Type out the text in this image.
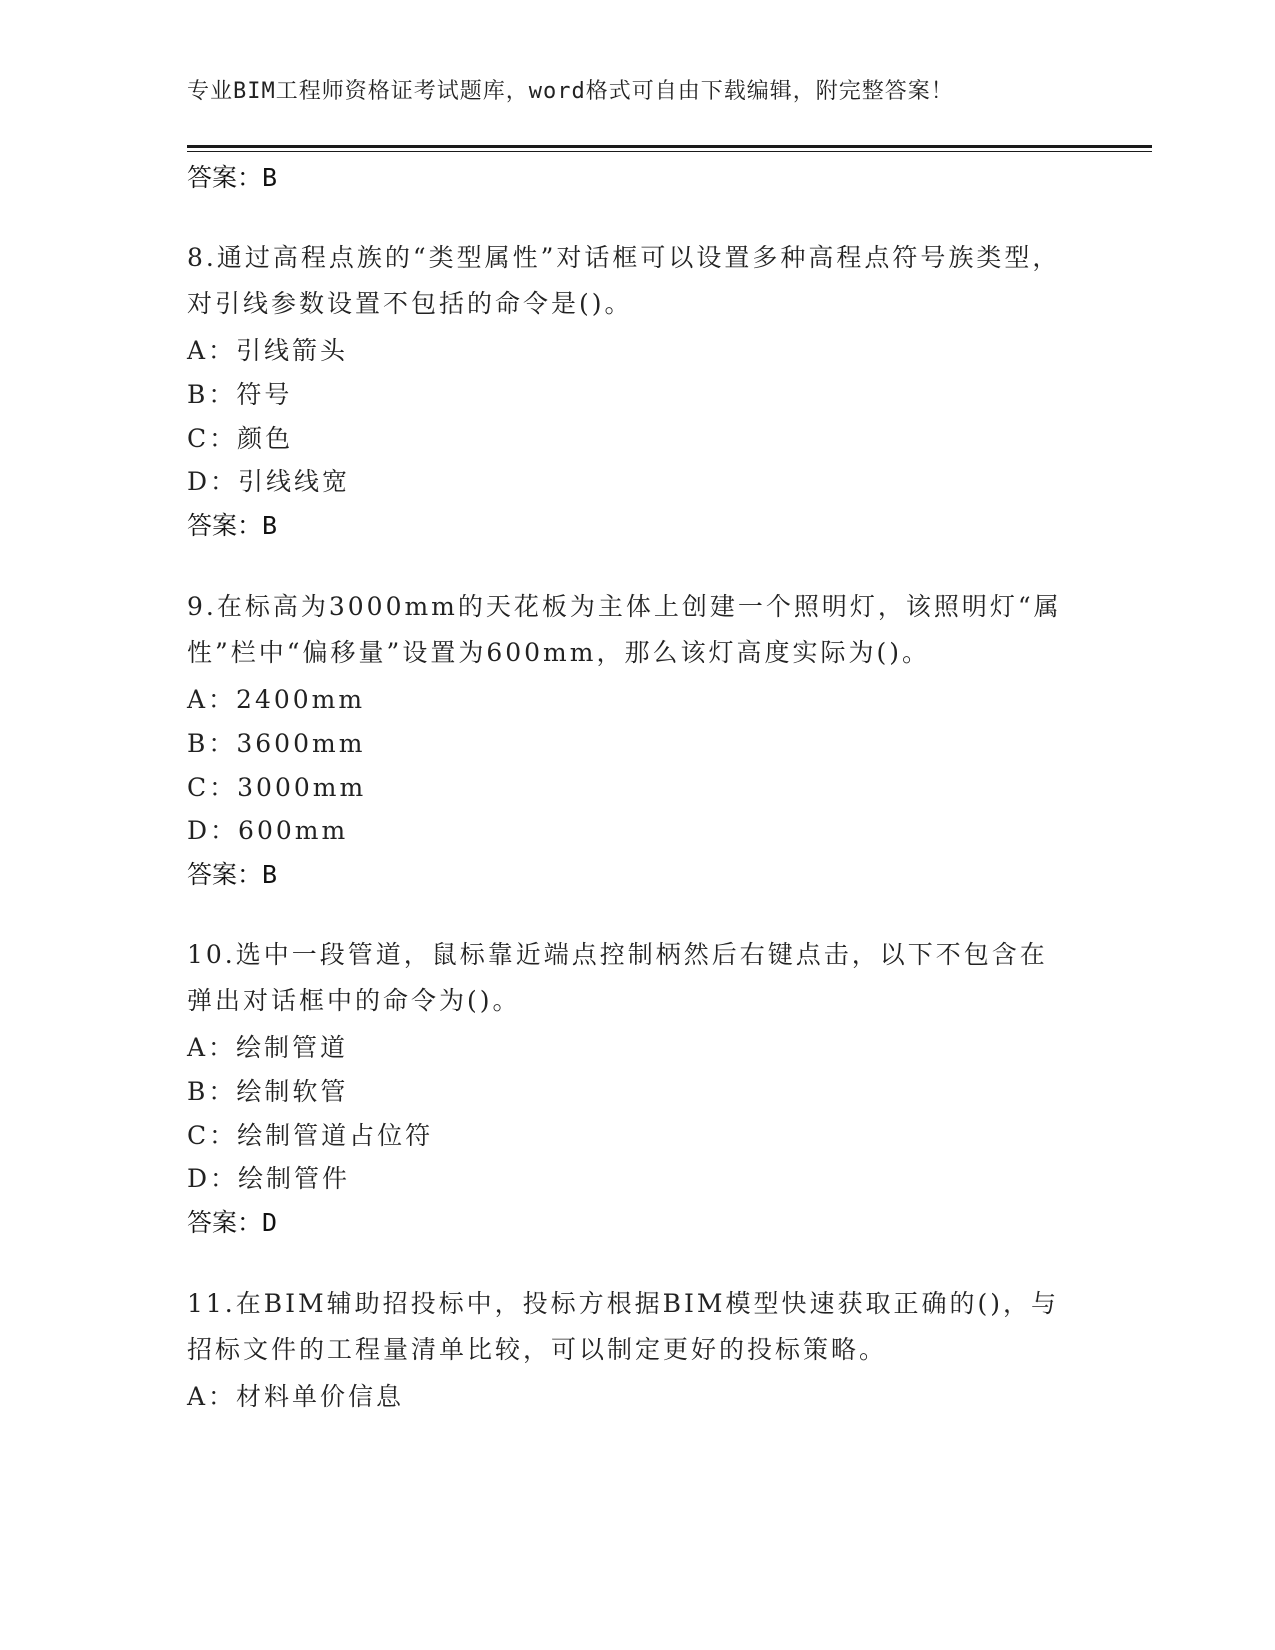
专业BIM工程师资格证考试题库，word格式可自由下载编辑，附完整答案！
答案：B
8.通过高程点族的“类型属性”对话框可以设置多种高程点符号族类型，对引线参数设置不包括的命令是()。
A：引线箭头
B：符号
C：颜色
D：引线线宽
答案：B
9.在标高为3000mm的天花板为主体上创建一个照明灯，该照明灯“属性”栏中“偏移量”设置为600mm，那么该灯高度实际为()。
A：2400mm
B：3600mm
C：3000mm
D：600mm
答案：B
10.选中一段管道，鼠标靠近端点控制柄然后右键点击，以下不包含在弹出对话框中的命令为()。
A：绘制管道
B：绘制软管
C：绘制管道占位符
D：绘制管件
答案：D
11.在BIM辅助招投标中，投标方根据BIM模型快速获取正确的()，与招标文件的工程量清单比较，可以制定更好的投标策略。
A：材料单价信息
